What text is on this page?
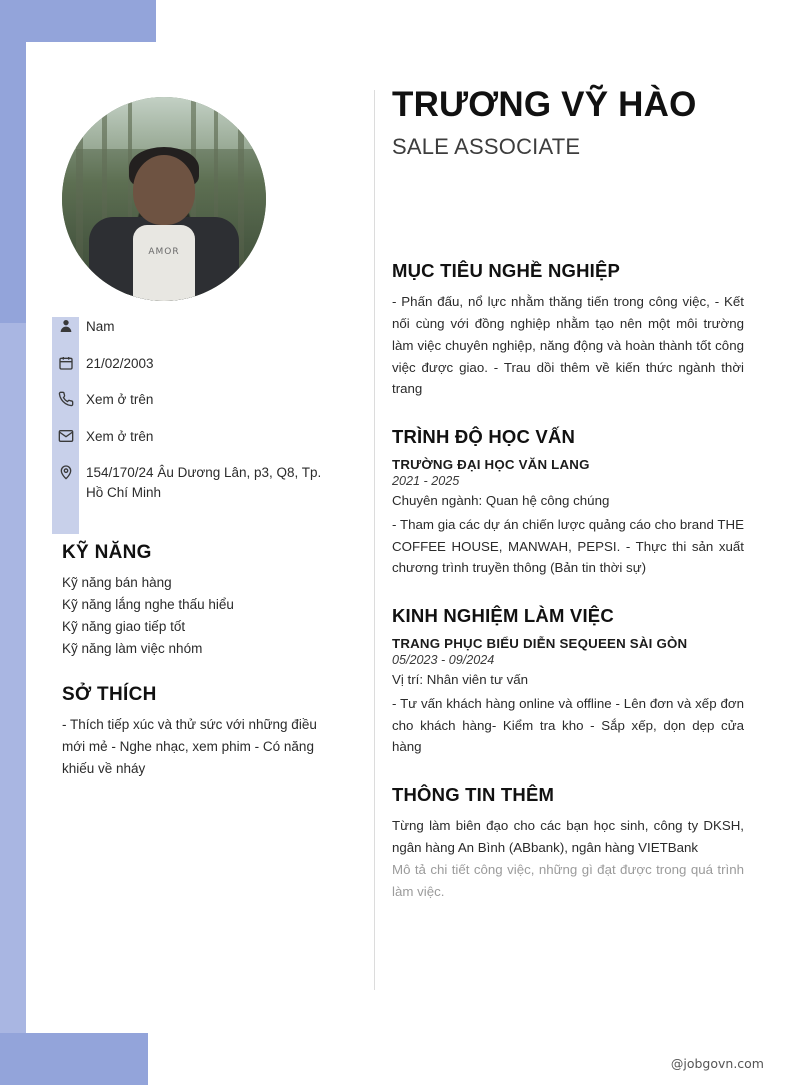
AMOR
Nam
21/02/2003
Xem ở trên
Xem ở trên
154/170/24 Âu Dương Lân, p3, Q8, Tp. Hồ Chí Minh
KỸ NĂNG
Kỹ năng bán hàng
Kỹ năng lắng nghe thấu hiểu
Kỹ năng giao tiếp tốt
Kỹ năng làm việc nhóm
SỞ THÍCH

- Thích tiếp xúc và thử sức với những điều mới mẻ - Nghe nhạc, xem phim - Có năng khiếu về nháy

TRƯƠNG VỸ HÀO
SALE ASSOCIATE
MỤC TIÊU NGHỀ NGHIỆP

- Phấn đấu, nổ lực nhằm thăng tiến trong công việc, - Kết nối cùng với đồng nghiệp nhằm tạo nên một môi trường làm việc chuyên nghiệp, năng động và hoàn thành tốt công việc được giao. - Trau dồi thêm về kiến thức ngành thời trang

TRÌNH ĐỘ HỌC VẤN

TRƯỜNG ĐẠI HỌC VĂN LANG

2021 - 2025

Chuyên ngành: Quan hệ công chúng

- Tham gia các dự án chiến lược quảng cáo cho brand THE COFFEE HOUSE, MANWAH, PEPSI. - Thực thi sản xuất chương trình truyền thông (Bản tin thời sự)

KINH NGHIỆM LÀM VIỆC

TRANG PHỤC BIỂU DIỄN SEQUEEN SÀI GÒN

05/2023 - 09/2024

Vị trí: Nhân viên tư vấn

- Tư vấn khách hàng online và offline - Lên đơn và xếp đơn cho khách hàng- Kiểm tra kho - Sắp xếp, dọn dẹp cửa hàng

THÔNG TIN THÊM

Từng làm biên đạo cho các bạn học sinh, công ty DKSH, ngân hàng An Bình (ABbank), ngân hàng VIETBank

Mô tả chi tiết công việc, những gì đạt được trong quá trình làm việc.

@jobgovn.com
